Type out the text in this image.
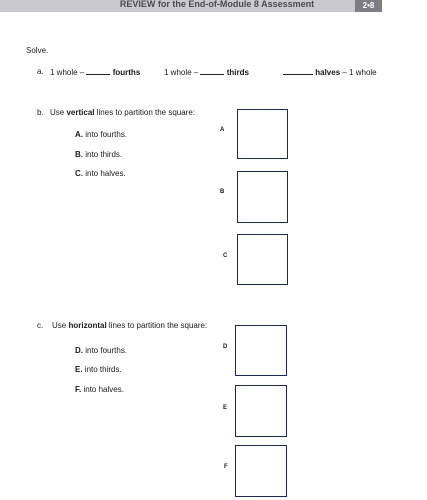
REVIEW for the End-of-Module 8 Assessment	2•8
Solve.
a. 1 whole –	fourths	1 whole –	thirds	halves – 1 whole
b. Use vertical lines to partition the square:
A. into fourths.
B. into thirds.
C. into halves.
A
B
C
c. Use horizontal lines to partition the square:
D. into fourths.
E. into thirds.
F. into halves.
D
E
F
